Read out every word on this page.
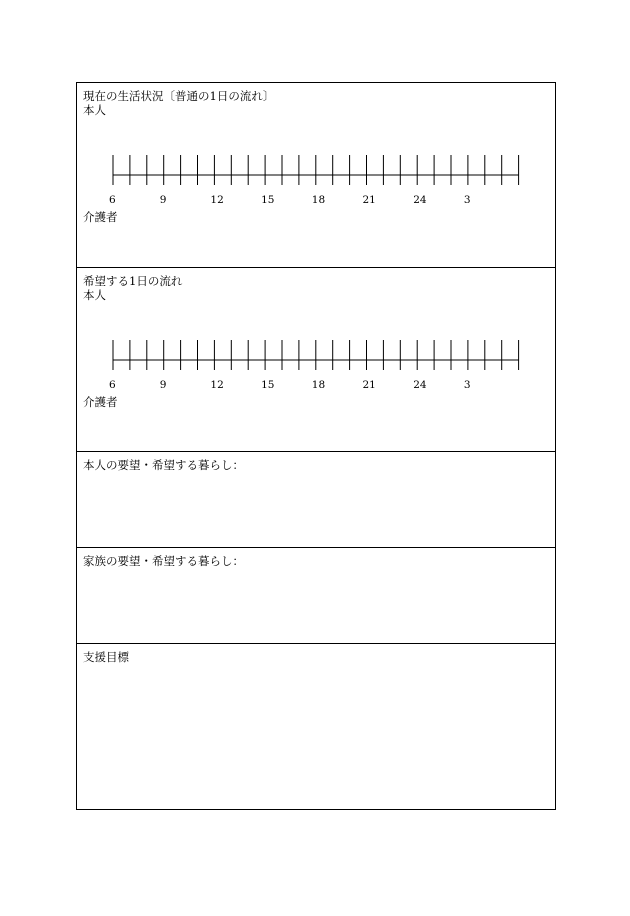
現在の生活状況〔普通の1日の流れ〕
本人
6	9	12	15	18	21	24	3
介護者
希望する1日の流れ
本人
6	9	12	15	18	21	24	3
介護者
本人の要望・希望する暮らし：
家族の要望・希望する暮らし：
支援目標
